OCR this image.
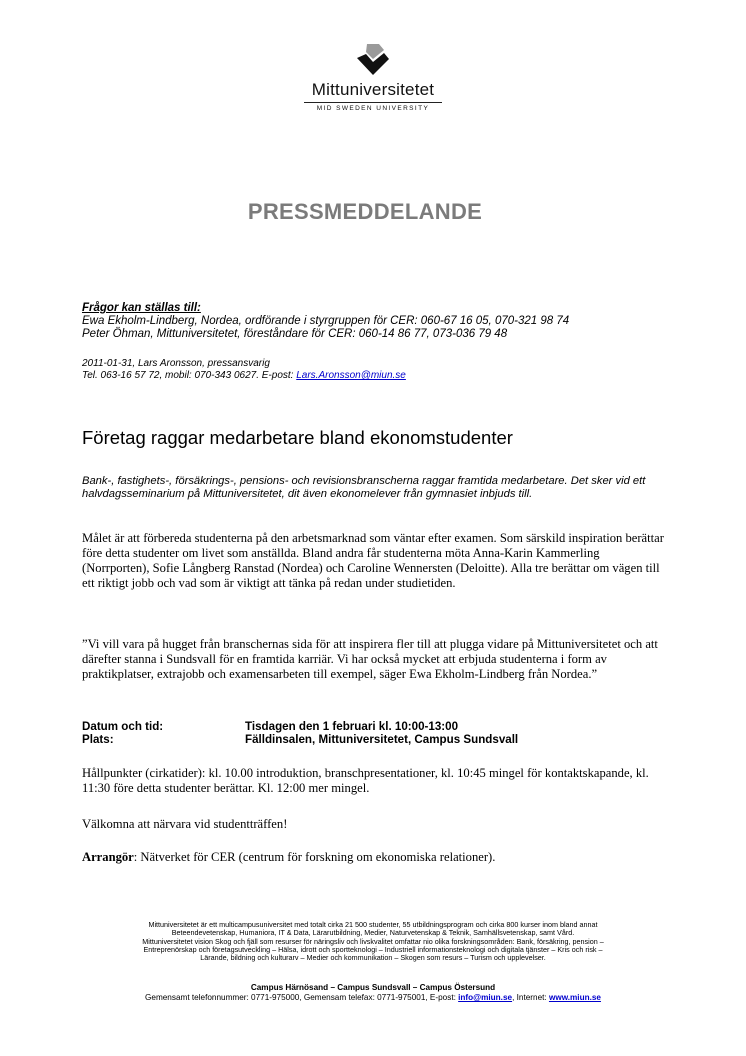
Mittuniversitetet
MID SWEDEN UNIVERSITY
PRESSMEDDELANDE
Frågor kan ställas till:
Ewa Ekholm-Lindberg, Nordea, ordförande i styrgruppen för CER: 060-67 16 05, 070-321 98 74
Peter Öhman, Mittuniversitetet, föreståndare för CER: 060-14 86 77, 073-036 79 48
2011-01-31, Lars Aronsson, pressansvarig
Tel. 063-16 57 72, mobil: 070-343 0627. E-post: Lars.Aronsson@miun.se
Företag raggar medarbetare bland ekonomstudenter
Bank-, fastighets-, försäkrings-, pensions- och revisionsbranscherna raggar framtida medarbetare. Det sker vid ett halvdagsseminarium på Mittuniversitetet, dit även ekonomelever från gymnasiet inbjuds till.
Målet är att förbereda studenterna på den arbetsmarknad som väntar efter examen. Som särskild inspiration berättar före detta studenter om livet som anställda. Bland andra får studenterna möta Anna-Karin Kammerling (Norrporten), Sofie Långberg Ranstad (Nordea) och Caroline Wennersten (Deloitte). Alla tre berättar om vägen till ett riktigt jobb och vad som är viktigt att tänka på redan under studietiden.
”Vi vill vara på hugget från branschernas sida för att inspirera fler till att plugga vidare på Mittuniversitetet och att därefter stanna i Sundsvall för en framtida karriär. Vi har också mycket att erbjuda studenterna i form av praktikplatser, extrajobb och examensarbeten till exempel, säger Ewa Ekholm-Lindberg från Nordea.”
Datum och tid:	Tisdagen den 1 februari kl. 10:00-13:00
Plats:	Fälldinsalen, Mittuniversitetet, Campus Sundsvall
Hållpunkter (cirkatider): kl. 10.00 introduktion, branschpresentationer, kl. 10:45 mingel för kontaktskapande, kl. 11:30 före detta studenter berättar. Kl. 12:00 mer mingel.
Välkomna att närvara vid studentträffen!
Arrangör: Nätverket för CER (centrum för forskning om ekonomiska relationer).
Mittuniversitetet är ett multicampusuniversitet med totalt cirka 21 500 studenter, 55 utbildningsprogram och cirka 800 kurser inom bland annat
Beteendevetenskap, Humaniora, IT & Data, Lärarutbildning, Medier, Naturvetenskap & Teknik, Samhällsvetenskap, samt Vård.
Mittuniversitetet vision Skog och fjäll som resurser för näringsliv och livskvalitet omfattar nio olika forskningsområden: Bank, försäkring, pension –
Entreprenörskap och företagsutveckling – Hälsa, idrott och sportteknologi – Industriell informationsteknologi och digitala tjänster – Kris och risk –
Lärande, bildning och kulturarv – Medier och kommunikation – Skogen som resurs – Turism och upplevelser.
Campus Härnösand – Campus Sundsvall – Campus Östersund
Gemensamt telefonnummer: 0771-975000, Gemensam telefax: 0771-975001, E-post: info@miun.se, Internet: www.miun.se
